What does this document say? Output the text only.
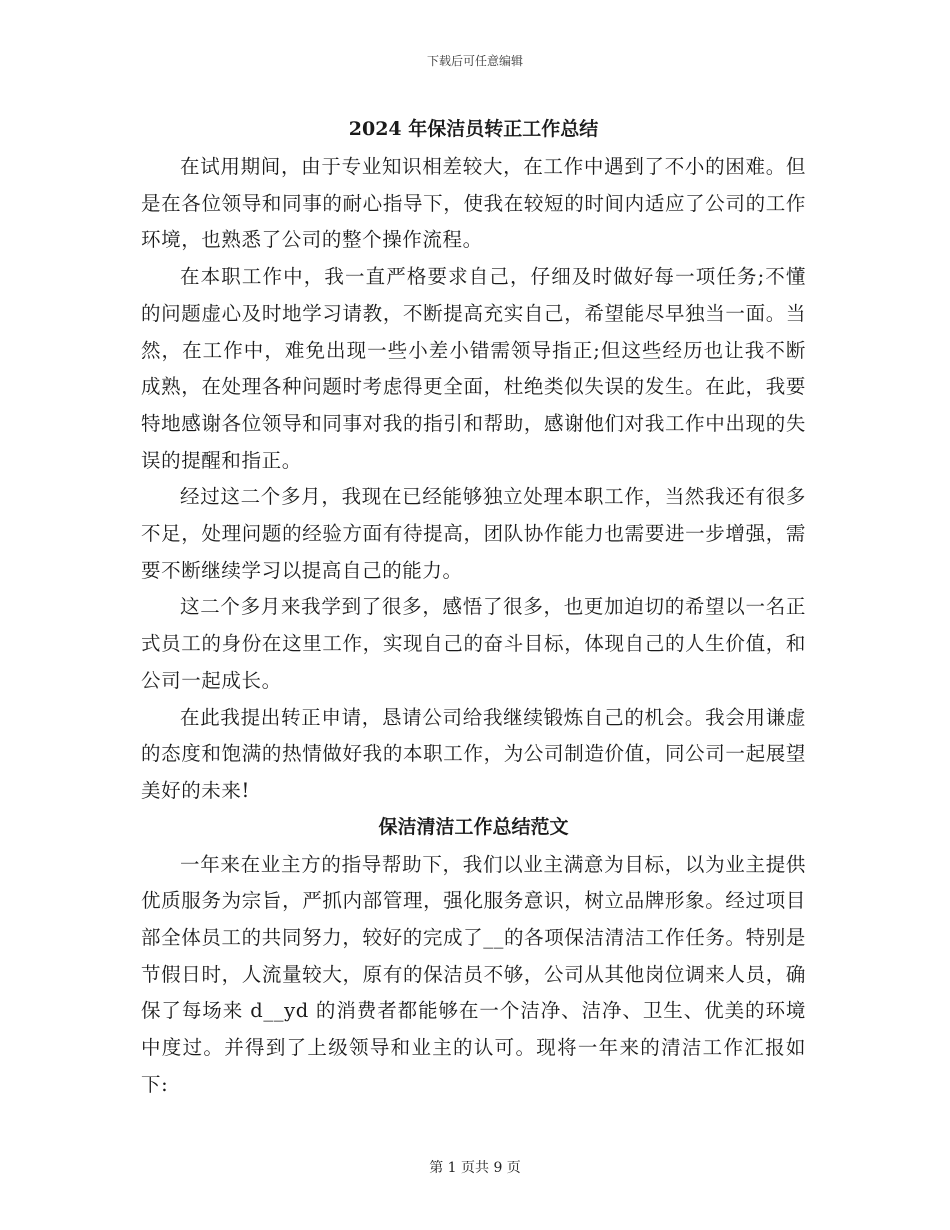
下载后可任意编辑
2024 年保洁员转正工作总结

在试用期间，由于专业知识相差较大，在工作中遇到了不小的困难。但是在各位领导和同事的耐心指导下，使我在较短的时间内适应了公司的工作环境，也熟悉了公司的整个操作流程。

在本职工作中，我一直严格要求自己，仔细及时做好每一项任务;不懂的问题虚心及时地学习请教，不断提高充实自己，希望能尽早独当一面。当然，在工作中，难免出现一些小差小错需领导指正;但这些经历也让我不断成熟，在处理各种问题时考虑得更全面，杜绝类似失误的发生。在此，我要特地感谢各位领导和同事对我的指引和帮助，感谢他们对我工作中出现的失误的提醒和指正。

经过这二个多月，我现在已经能够独立处理本职工作，当然我还有很多不足，处理问题的经验方面有待提高，团队协作能力也需要进一步增强，需要不断继续学习以提高自己的能力。

这二个多月来我学到了很多，感悟了很多，也更加迫切的希望以一名正式员工的身份在这里工作，实现自己的奋斗目标，体现自己的人生价值，和公司一起成长。

在此我提出转正申请，恳请公司给我继续锻炼自己的机会。我会用谦虚的态度和饱满的热情做好我的本职工作，为公司制造价值，同公司一起展望美好的未来!

保洁清洁工作总结范文

一年来在业主方的指导帮助下，我们以业主满意为目标，以为业主提供优质服务为宗旨，严抓内部管理，强化服务意识，树立品牌形象。经过项目部全体员工的共同努力，较好的完成了__的各项保洁清洁工作任务。特别是节假日时，人流量较大，原有的保洁员不够，公司从其他岗位调来人员，确保了每场来 d__yd 的消费者都能够在一个洁净、洁净、卫生、优美的环境中度过。并得到了上级领导和业主的认可。现将一年来的清洁工作汇报如下:

第 1 页共 9 页
